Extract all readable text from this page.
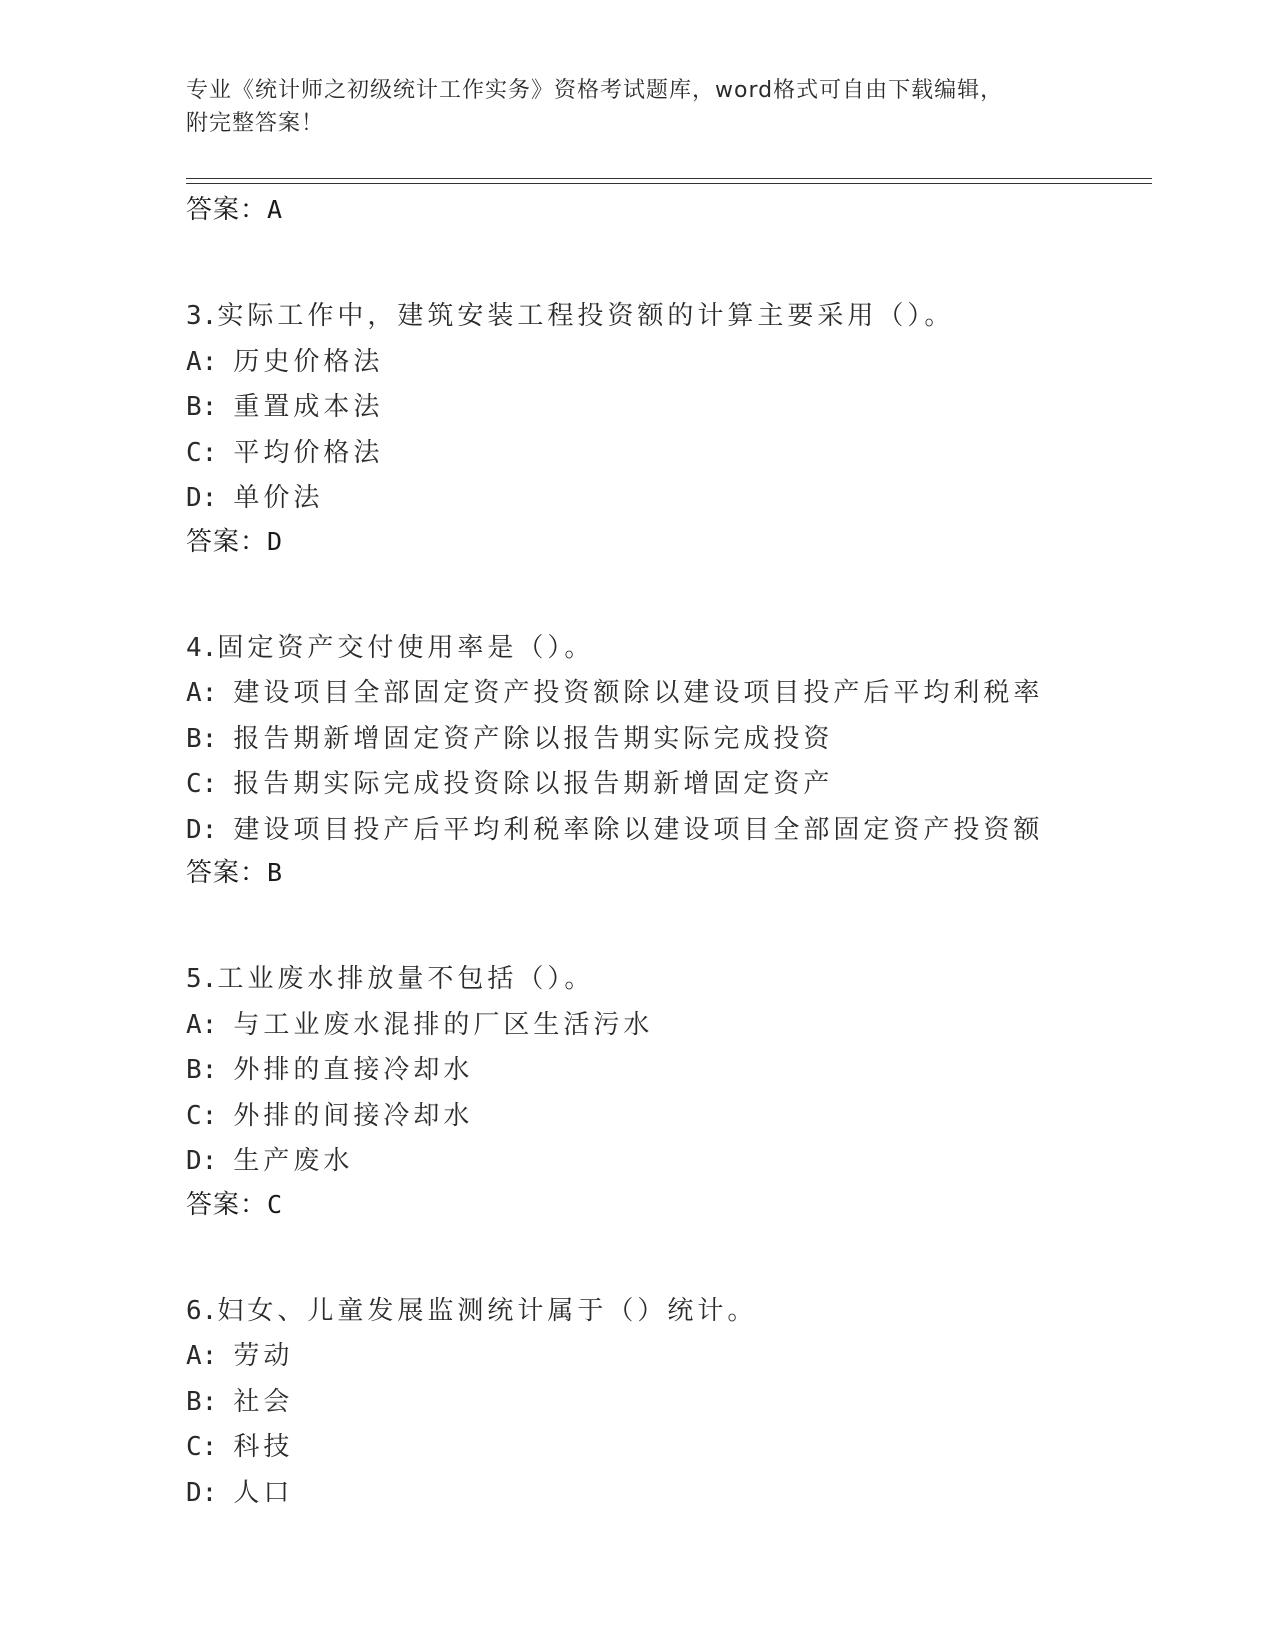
专业《统计师之初级统计工作实务》资格考试题库，word格式可自由下载编辑，
附完整答案！
答案：A
3.实际工作中，建筑安装工程投资额的计算主要采用（）。
A: 历史价格法
B: 重置成本法
C: 平均价格法
D: 单价法
答案：D
4.固定资产交付使用率是（）。
A: 建设项目全部固定资产投资额除以建设项目投产后平均利税率
B: 报告期新增固定资产除以报告期实际完成投资
C: 报告期实际完成投资除以报告期新增固定资产
D: 建设项目投产后平均利税率除以建设项目全部固定资产投资额
答案：B
5.工业废水排放量不包括（）。
A: 与工业废水混排的厂区生活污水
B: 外排的直接冷却水
C: 外排的间接冷却水
D: 生产废水
答案：C
6.妇女、儿童发展监测统计属于（）统计。
A: 劳动
B: 社会
C: 科技
D: 人口
